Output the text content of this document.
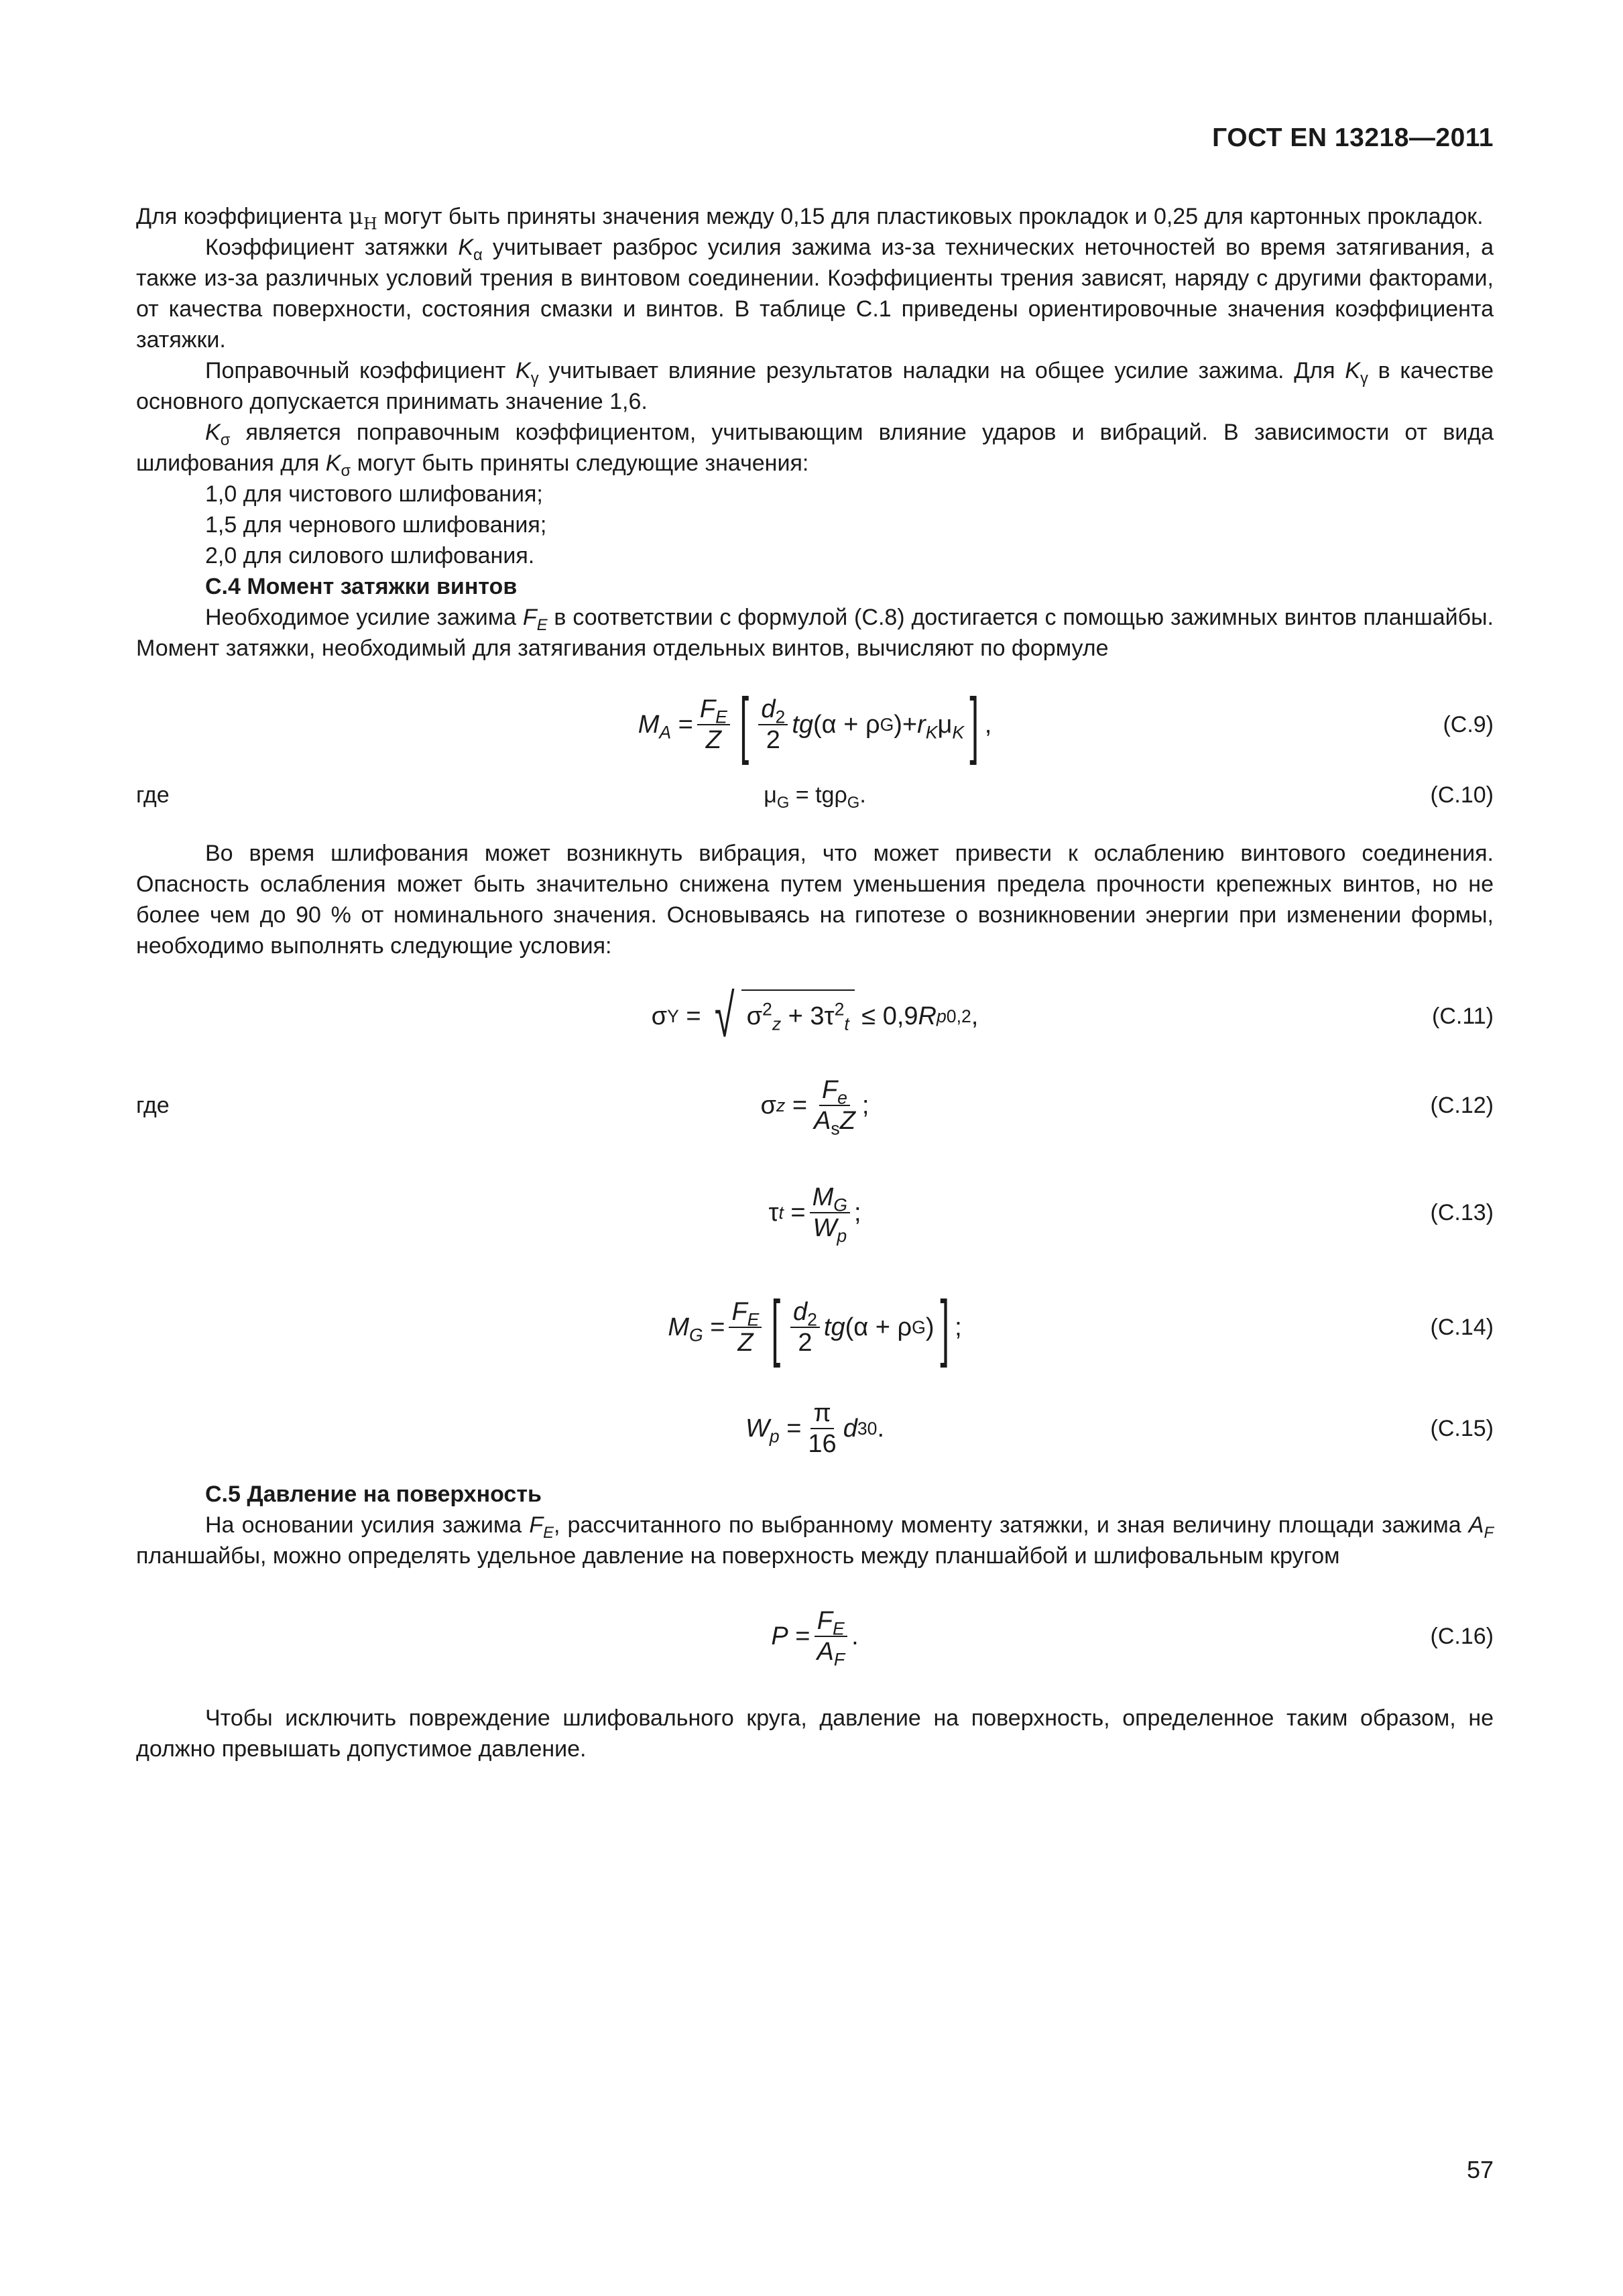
ГОСТ EN 13218—2011

Для коэффициента $\mu_H$ могут быть приняты значения между 0,15 для пластиковых прокладок и 0,25 для картонных прокладок.

Коэффициент затяжки $K_\alpha$ учитывает разброс усилия зажима из-за технических неточностей во время затягивания, а также из-за различных условий трения в винтовом соединении. Коэффициенты трения зависят, наряду с другими факторами, от качества поверхности, состояния смазки и винтов. В таблице С.1 приведены ориентировочные значения коэффициента затяжки.

Поправочный коэффициент $K_\gamma$ учитывает влияние результатов наладки на общее усилие зажима. Для $K_\gamma$ в качестве основного допускается принимать значение 1,6.

$K_\sigma$ является поправочным коэффициентом, учитывающим влияние ударов и вибраций. В зависимости от вида шлифования для $K_\sigma$ могут быть приняты следующие значения:

1,0 для чистового шлифования;

1,5 для чернового шлифования;

2,0 для силового шлифования.

С.4 Момент затяжки винтов

Необходимое усилие зажима $F_E$ в соответствии с формулой (С.8) достигается с помощью зажимных винтов планшайбы. Момент затяжки, необходимый для затягивания отдельных винтов, вычисляют по формуле

$M_A = \frac{F_E}{Z}$ [ $\frac{d_2}{2}$ tg (α + ρ G )+ $r_K$ μ $_K$ ] ,	(С.9)
где	$\mu_G = tg\rho_G$.	(С.10)

Во время шлифования может возникнуть вибрация, что может привести к ослаблению винтового соединения. Опасность ослабления может быть значительно снижена путем уменьшения предела прочности крепежных винтов, но не более чем до 90 % от номинального значения. Основываясь на гипотезе о возникновении энергии при изменении формы, необходимо выполнять следующие условия:

σ Y = √ $\sigma^2_z + 3\tau^2_t \le 0,9$ R p0,2 ,	(С.11)
где	σ $z = \frac{F_e}{A_sZ}$ ;	(С.12)
τ $t = \frac{M_G}{W_p}$ ;	(С.13)
$M_G = \frac{F_E}{Z}$ [ $\frac{d_2}{2}$ tg (α + ρ G ) ] ;	(С.14)
$W_p = \frac{\pi}{16}$ d 3 0 .	(С.15)
С.5 Давление на поверхность

На основании усилия зажима $F_E$, рассчитанного по выбранному моменту затяжки, и зная величину площади зажима $A_F$ планшайбы, можно определять удельное давление на поверхность между планшайбой и шлифовальным кругом

$P = \frac{F_E}{A_F}$ .	(С.16)

Чтобы исключить повреждение шлифовального круга, давление на поверхность, определенное таким образом, не должно превышать допустимое давление.

57
